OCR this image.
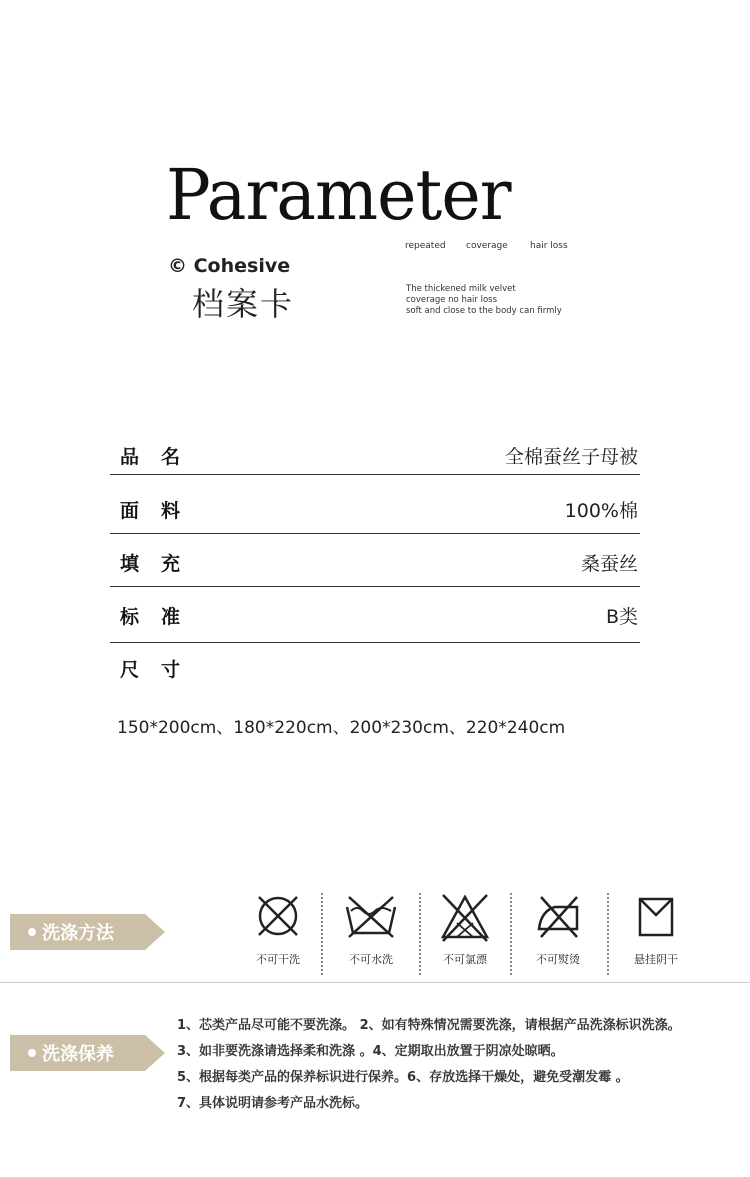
Parameter
repeated	coverage	hair loss
© Cohesive
档案卡	The thickened milk velvet
coverage no hair loss
soft and close to the body can firmly
品名	全棉蚕丝子母被
面料	100%棉
填充	桑蚕丝
标准	B类
尺寸
150*200cm、180*220cm、200*230cm、220*240cm
洗涤方法
不可干洗	不可水洗	不可氯漂	不可熨烫	悬挂阴干
洗涤保养
1、芯类产品尽可能不要洗涤。 2、如有特殊情况需要洗涤，请根据产品洗涤标识洗涤。
3、如非要洗涤请选择柔和洗涤 。4、定期取出放置于阴凉处晾晒。
5、根据每类产品的保养标识进行保养。6、存放选择干燥处，避免受潮发霉 。
7、具体说明请参考产品水洗标。
